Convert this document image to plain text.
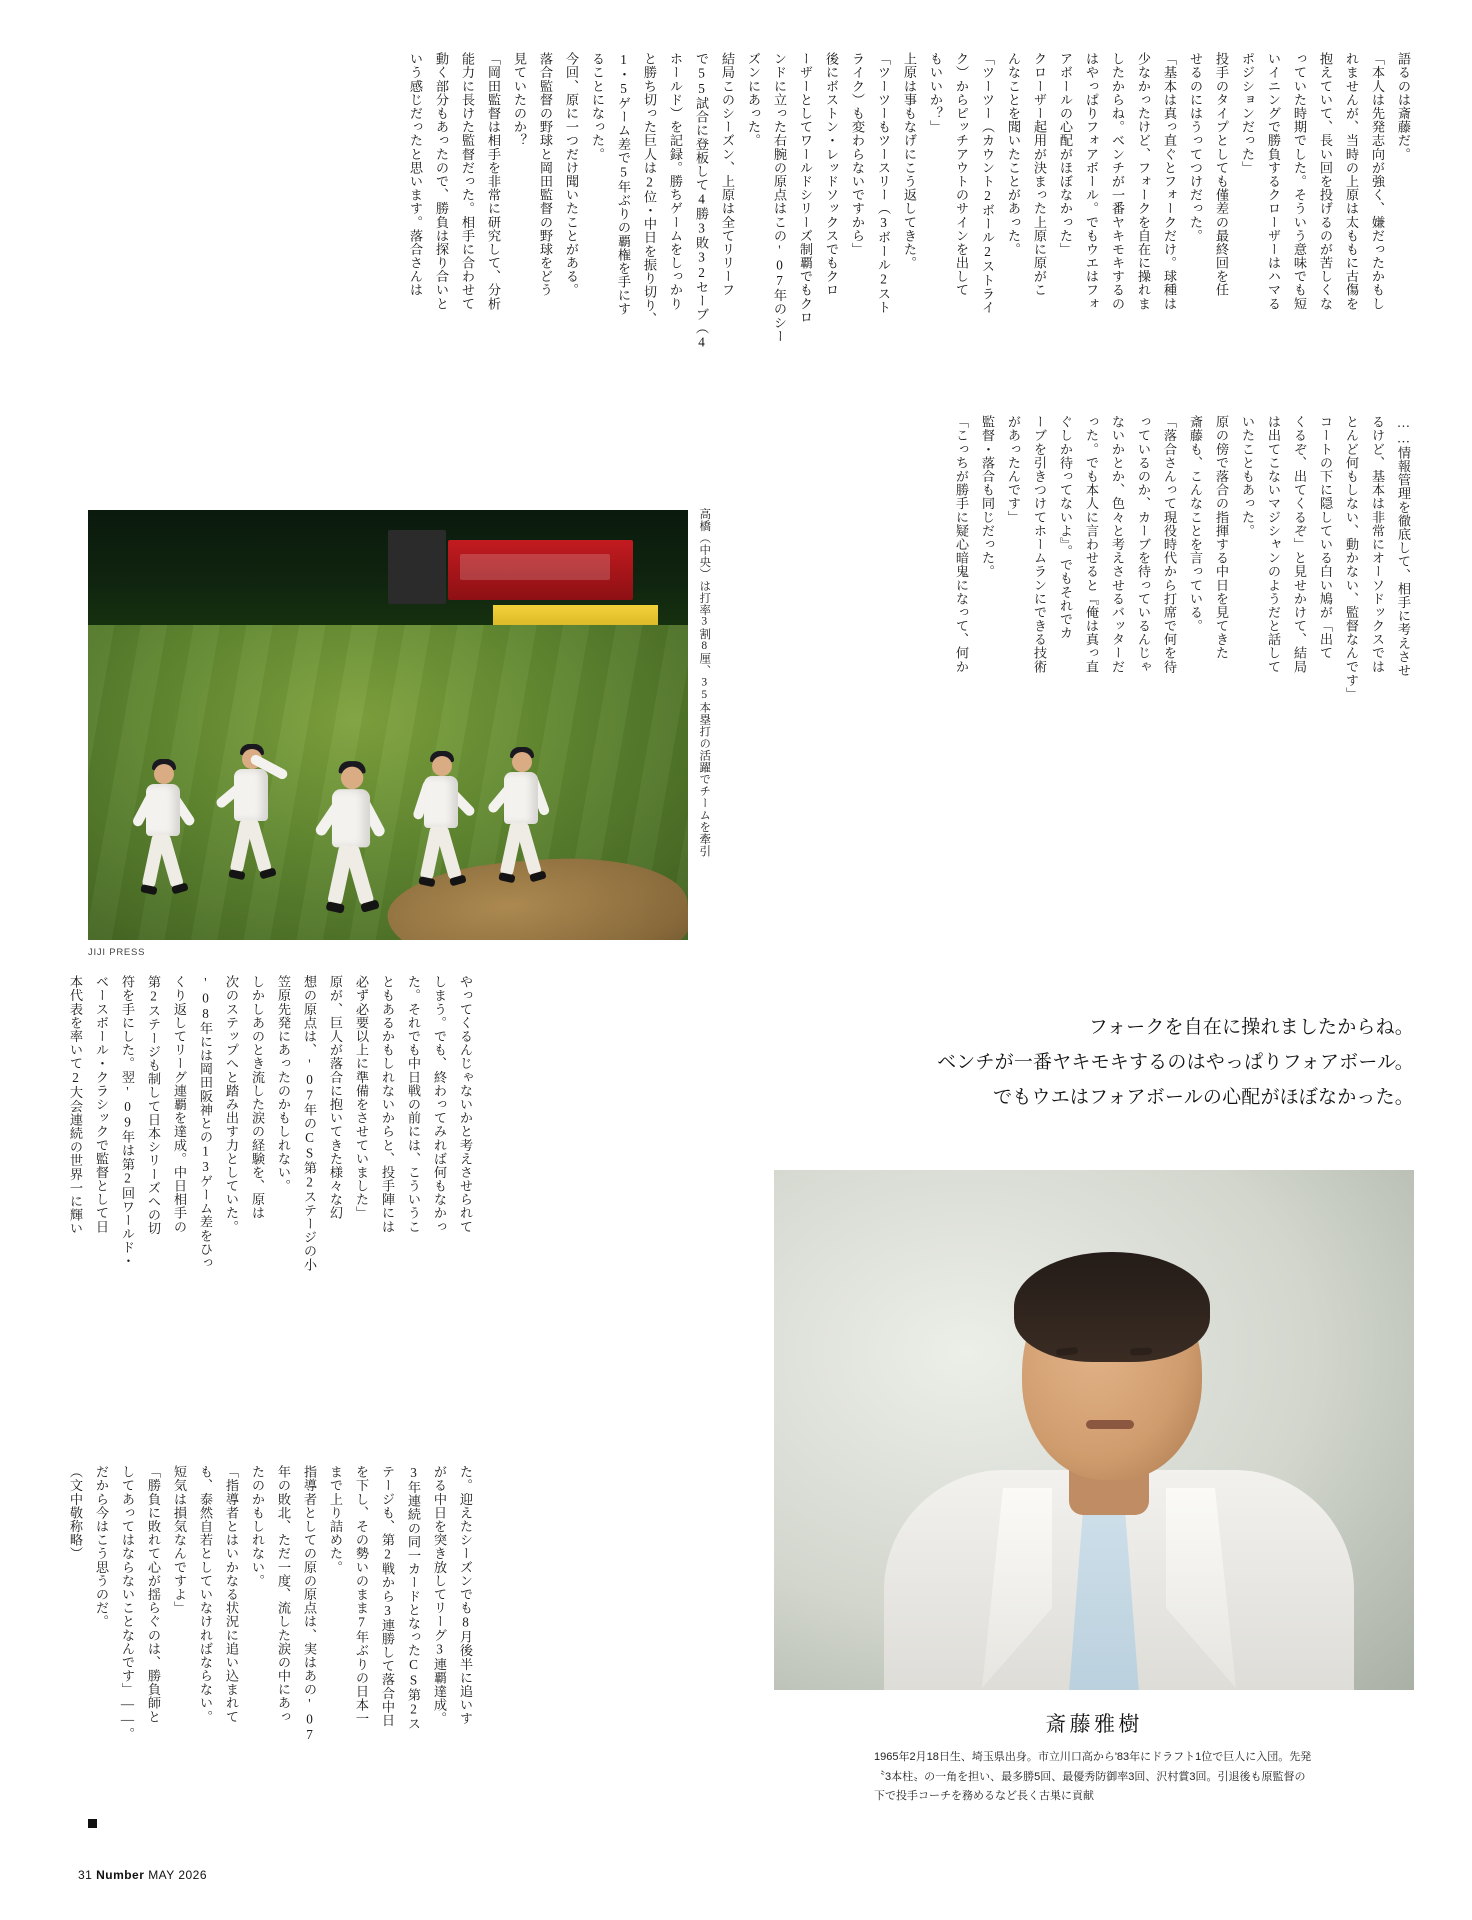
語るのは斎藤だ。
「本人は先発志向が強く、嫌だったかもし
れませんが、当時の上原は太ももに古傷を
抱えていて、長い回を投げるのが苦しくな
っていた時期でした。そういう意味でも短
いイニングで勝負するクローザーはハマる
ポジションだった」
投手のタイプとしても僅差の最終回を任
せるのにはうってつけだった。
「基本は真っ直ぐとフォークだけ。球種は
少なかったけど、フォークを自在に操れま
したからね。ベンチが一番ヤキモキするの
はやっぱりフォアボール。でもウエはフォ
アボールの心配がほぼなかった」
クローザー起用が決まった上原に原がこ
んなことを聞いたことがあった。
「ツーツー（カウント2ボール2ストライ
ク）からピッチアウトのサインを出して
もいいか？」
上原は事もなげにこう返してきた。
「ツーツーもツースリー（3ボール2スト
ライク）も変わらないですから」
後にボストン・レッドソックスでもクロ
ーザーとしてワールドシリーズ制覇でもクロ
ンドに立った右腕の原点はこの'07年のシー
ズンにあった。
結局このシーズン、上原は全てリリーフ
で55試合に登板して4勝3敗32セーブ（4
ホールド）を記録。勝ちゲームをしっかり
と勝ち切った巨人は2位・中日を振り切り、
1・5ゲーム差で5年ぶりの覇権を手にす
ることになった。
今回、原に一つだけ聞いたことがある。
落合監督の野球と岡田監督の野球をどう
見ていたのか？
「岡田監督は相手を非常に研究して、分析
能力に長けた監督だった。相手に合わせて
動く部分もあったので、勝負は探り合いと
いう感じだったと思います。落合さんは
……情報管理を徹底して、相手に考えさせ
るけど、基本は非常にオーソドックスでは
とんど何もしない、動かない、監督なんです」
コートの下に隠している白い鳩が「出て
くるぞ、出てくるぞ」と見せかけて、結局
は出てこないマジシャンのようだと話して
いたこともあった。
原の傍で落合の指揮する中日を見てきた
斎藤も、こんなことを言っている。
「落合さんって現役時代から打席で何を待
っているのか、カーブを待っているんじゃ
ないかとか、色々と考えさせるバッターだ
った。でも本人に言わせると『俺は真っ直
ぐしか待ってないよ』。でもそれでカ
ーブを引きつけてホームランにできる技術
があったんです」
監督・落合も同じだった。
「こっちが勝手に疑心暗鬼になって、何か
JIJI PRESS
高橋（中央）は打率3割8厘、35本塁打の活躍でチームを牽引
フォークを自在に操れましたからね。
ベンチが一番ヤキモキするのはやっぱりフォアボール。
でもウエはフォアボールの心配がほぼなかった。
斎藤雅樹
1965年2月18日生、埼玉県出身。市立川口高から'83年にドラフト1位で巨人に入団。先発〝3本柱〟の一角を担い、最多勝5回、最優秀防御率3回、沢村賞3回。引退後も原監督の下で投手コーチを務めるなど長く古巣に貢献
やってくるんじゃないかと考えさせられて
しまう。でも、終わってみれば何もなかっ
た。それでも中日戦の前には、こういうこ
ともあるかもしれないからと、投手陣には
必ず必要以上に準備をさせていました」
原が、巨人が落合に抱いてきた様々な幻
想の原点は、'07年のCS第2ステージの小
笠原先発にあったのかもしれない。
しかしあのとき流した涙の経験を、原は
次のステップへと踏み出す力としていた。
'08年には岡田阪神との13ゲーム差をひっ
くり返してリーグ連覇を達成。中日相手の
第2ステージも制して日本シリーズへの切
符を手にした。翌'09年は第2回ワールド・
ベースボール・クラシックで監督として日
本代表を率いて2大会連続の世界一に輝い
た。迎えたシーズンでも8月後半に追いす
がる中日を突き放してリーグ3連覇達成。
3年連続の同一カードとなったCS第2ス
テージも、第2戦から3連勝して落合中日
を下し、その勢いのまま7年ぶりの日本一
まで上り詰めた。
指導者としての原の原点は、実はあの'07
年の敗北、ただ一度、流した涙の中にあっ
たのかもしれない。
「指導者とはいかなる状況に追い込まれて
も、泰然自若としていなければならない。
短気は損気なんですよ」
「勝負に敗れて心が揺らぐのは、勝負師と
してあってはならないことなんです」――。
だから今はこう思うのだ。
（文中敬称略）
31 Number MAY 2026
